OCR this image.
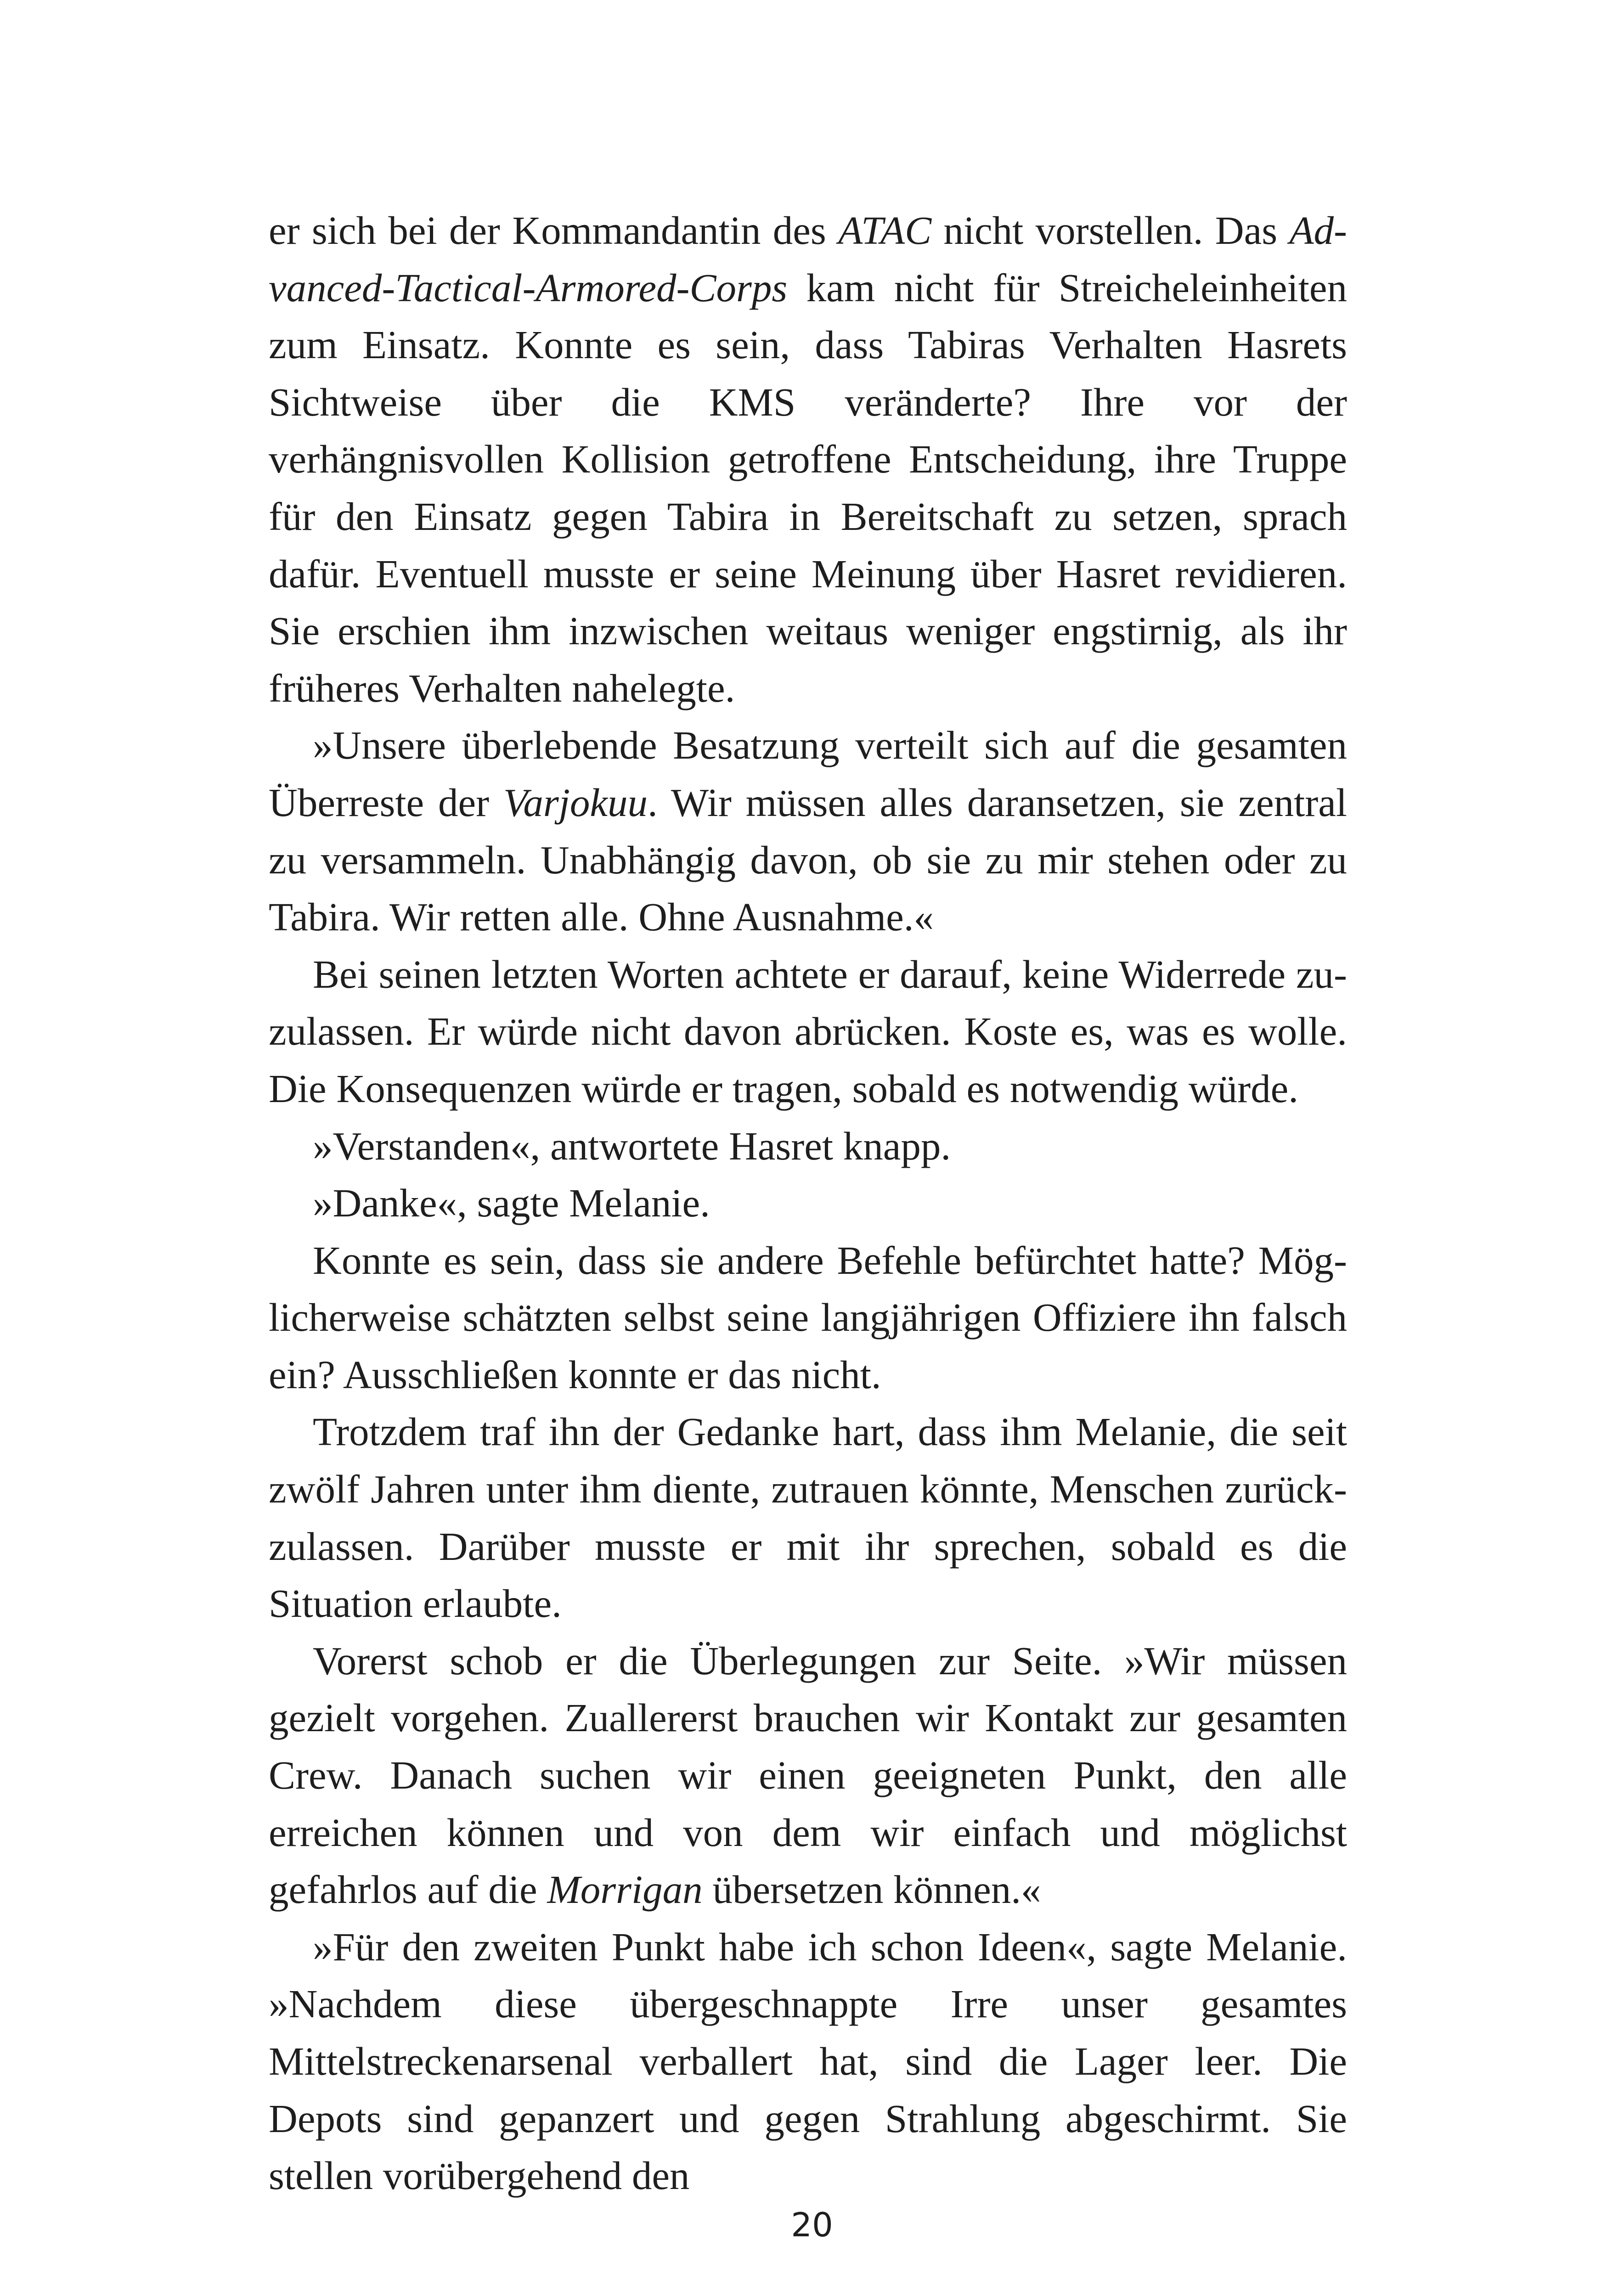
er sich bei der Kommandantin des ATAC nicht vorstellen. Das Advanced-Tactical-Armored-Corps kam nicht für Streicheleinheiten zum Einsatz. Konnte es sein, dass Tabiras Verhalten Hasrets Sichtweise über die KMS veränderte? Ihre vor der verhängnisvollen Kollision getroffene Entscheidung, ihre Truppe für den Einsatz gegen Tabira in Bereitschaft zu setzen, sprach dafür. Eventuell musste er seine Meinung über Hasret revidieren. Sie erschien ihm inzwischen weitaus weniger engstirnig, als ihr früheres Verhalten nahelegte.

»Unsere überlebende Besatzung verteilt sich auf die gesamten Überreste der Varjokuu. Wir müssen alles daransetzen, sie zentral zu versammeln. Unabhängig davon, ob sie zu mir stehen oder zu Tabira. Wir retten alle. Ohne Ausnahme.«

Bei seinen letzten Worten achtete er darauf, keine Widerrede zuzulassen. Er würde nicht davon abrücken. Koste es, was es wolle. Die Konsequenzen würde er tragen, sobald es notwendig würde.

»Verstanden«, antwortete Hasret knapp.

»Danke«, sagte Melanie.

Konnte es sein, dass sie andere Befehle befürchtet hatte? Möglicherweise schätzten selbst seine langjährigen Offiziere ihn falsch ein? Ausschließen konnte er das nicht.

Trotzdem traf ihn der Gedanke hart, dass ihm Melanie, die seit zwölf Jahren unter ihm diente, zutrauen könnte, Menschen zurückzulassen. Darüber musste er mit ihr sprechen, sobald es die Situation erlaubte.

Vorerst schob er die Überlegungen zur Seite. »Wir müssen gezielt vorgehen. Zuallererst brauchen wir Kontakt zur gesamten Crew. Danach suchen wir einen geeigneten Punkt, den alle erreichen können und von dem wir einfach und möglichst gefahrlos auf die Morrigan übersetzen können.«

»Für den zweiten Punkt habe ich schon Ideen«, sagte Melanie. »Nachdem diese übergeschnappte Irre unser gesamtes Mittelstreckenarsenal verballert hat, sind die Lager leer. Die Depots sind gepanzert und gegen Strahlung abgeschirmt. Sie stellen vorübergehend den

20
